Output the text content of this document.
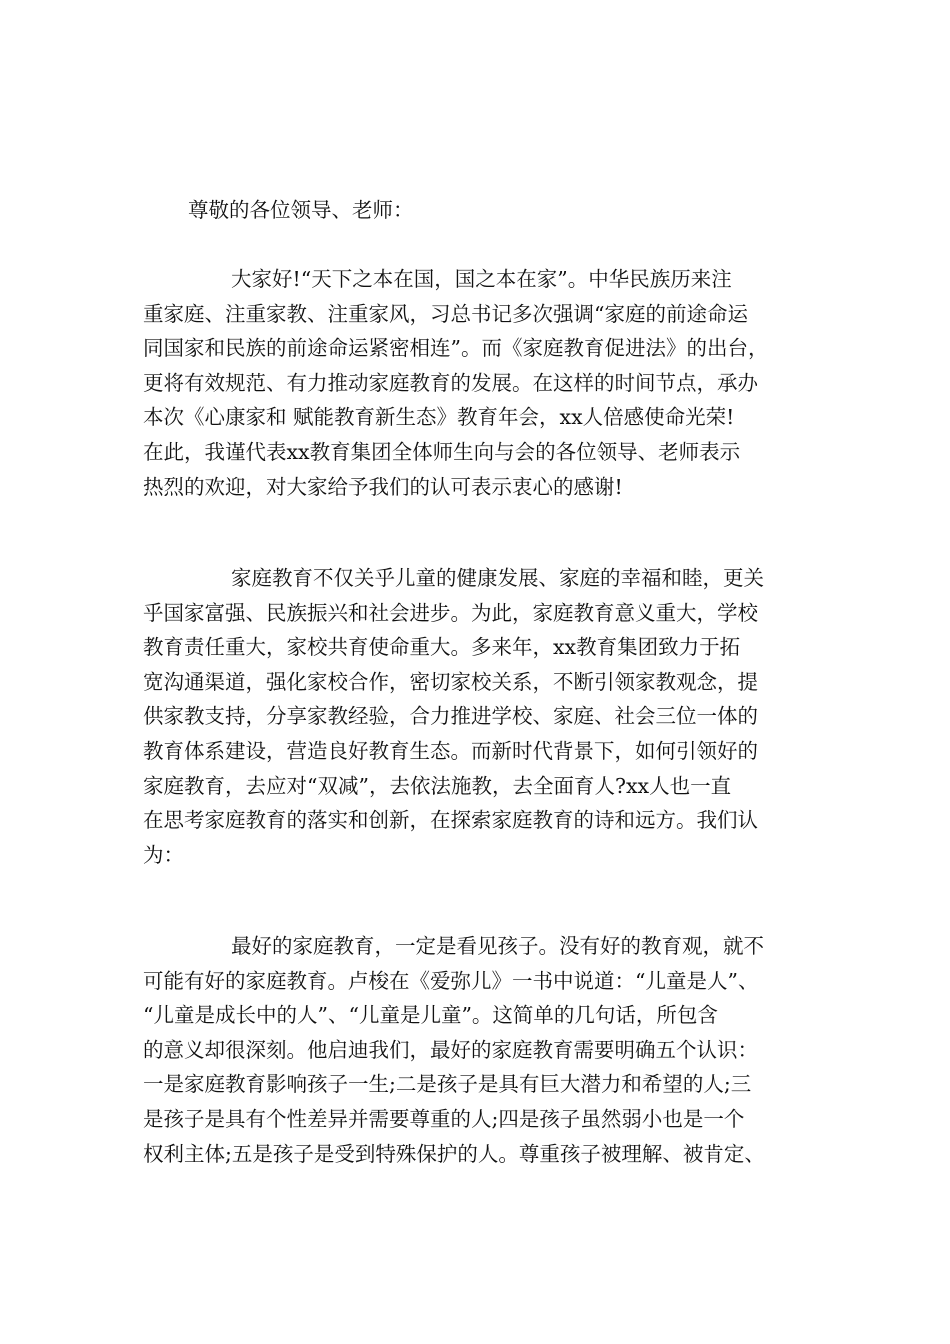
尊敬的各位领导、老师：

大家好!“天下之本在国，国之本在家”。中华民族历来注
重家庭、注重家教、注重家风，习总书记多次强调“家庭的前途命运
同国家和民族的前途命运紧密相连”。而《家庭教育促进法》的出台，
更将有效规范、有力推动家庭教育的发展。在这样的时间节点，承办
本次《心康家和 赋能教育新生态》教育年会，xx人倍感使命光荣!
在此，我谨代表xx教育集团全体师生向与会的各位领导、老师表示
热烈的欢迎，对大家给予我们的认可表示衷心的感谢!
家庭教育不仅关乎儿童的健康发展、家庭的幸福和睦，更关
乎国家富强、民族振兴和社会进步。为此，家庭教育意义重大，学校
教育责任重大，家校共育使命重大。多来年，xx教育集团致力于拓
宽沟通渠道，强化家校合作，密切家校关系，不断引领家教观念，提
供家教支持，分享家教经验，合力推进学校、家庭、社会三位一体的
教育体系建设，营造良好教育生态。而新时代背景下，如何引领好的
家庭教育，去应对“双减”，去依法施教，去全面育人?xx人也一直
在思考家庭教育的落实和创新，在探索家庭教育的诗和远方。我们认
为：
最好的家庭教育，一定是看见孩子。没有好的教育观，就不
可能有好的家庭教育。卢梭在《爱弥儿》一书中说道：“儿童是人”、
“儿童是成长中的人”、“儿童是儿童”。这简单的几句话，所包含
的意义却很深刻。他启迪我们，最好的家庭教育需要明确五个认识：
一是家庭教育影响孩子一生;二是孩子是具有巨大潜力和希望的人;三
是孩子是具有个性差异并需要尊重的人;四是孩子虽然弱小也是一个
权利主体;五是孩子是受到特殊保护的人。尊重孩子被理解、被肯定、
